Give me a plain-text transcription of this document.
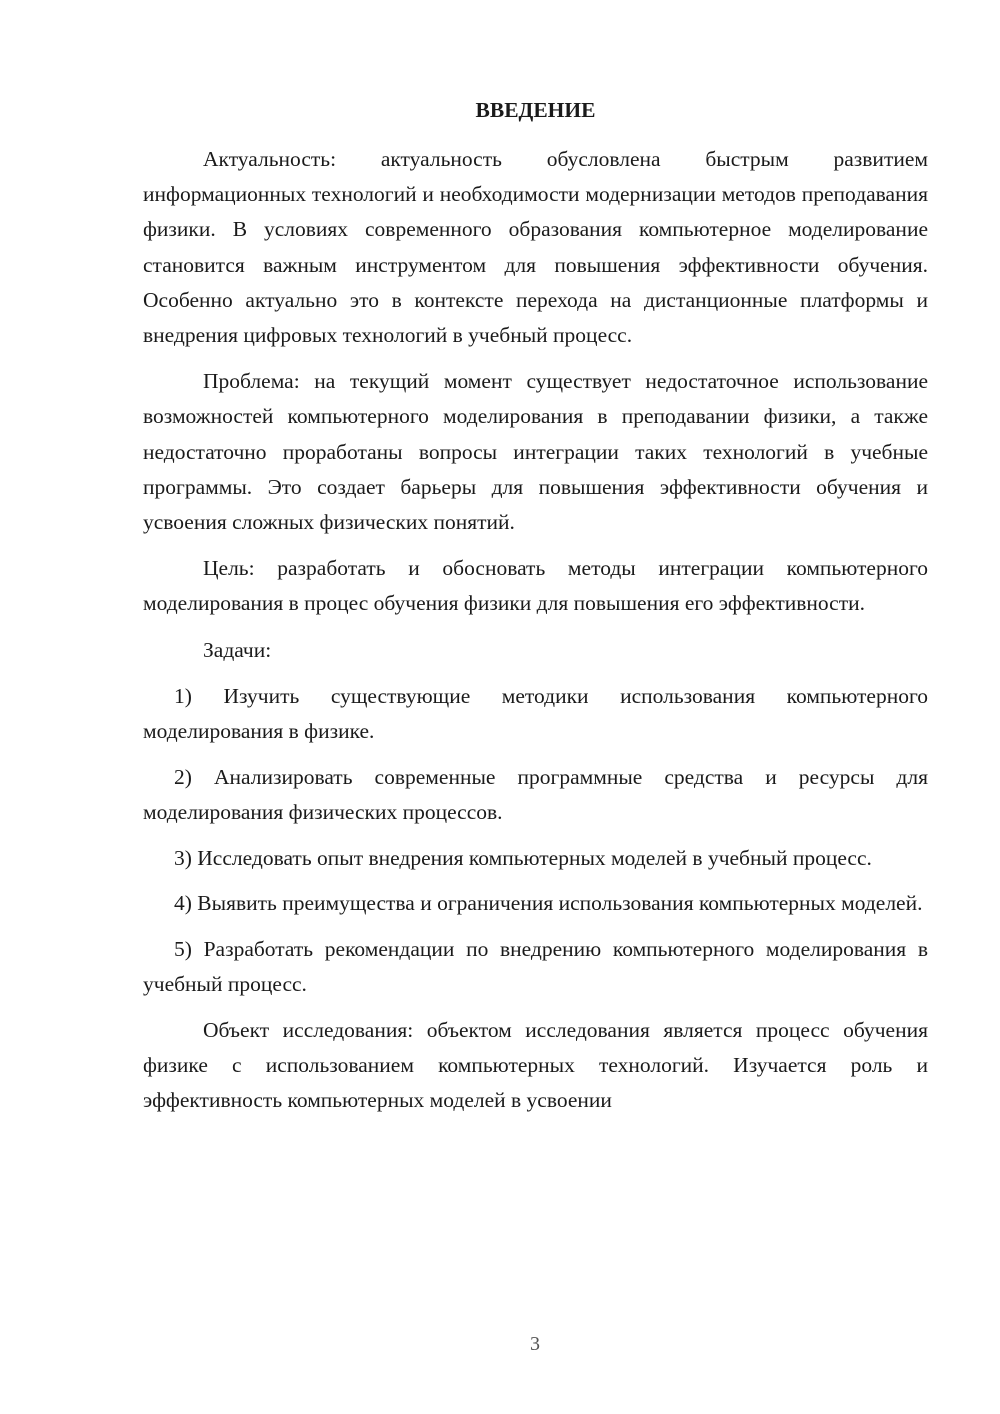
ВВЕДЕНИЕ

Актуальность: актуальность обусловлена быстрым развитием информационных технологий и необходимости модернизации методов преподавания физики. В условиях современного образования компьютерное моделирование становится важным инструментом для повышения эффективности обучения. Особенно актуально это в контексте перехода на дистанционные платформы и внедрения цифровых технологий в учебный процесс.

Проблема: на текущий момент существует недостаточное использование возможностей компьютерного моделирования в преподавании физики, а также недостаточно проработаны вопросы интеграции таких технологий в учебные программы. Это создает барьеры для повышения эффективности обучения и усвоения сложных физических понятий.

Цель: разработать и обосновать методы интеграции компьютерного моделирования в процес обучения физики для повышения его эффективности.

Задачи:

1) Изучить существующие методики использования компьютерного моделирования в физике.

2) Анализировать современные программные средства и ресурсы для моделирования физических процессов.

3) Исследовать опыт внедрения компьютерных моделей в учебный процесс.

4) Выявить преимущества и ограничения использования компьютерных моделей.

5) Разработать рекомендации по внедрению компьютерного моделирования в учебный процесс.

Объект исследования: объектом исследования является процесс обучения физике с использованием компьютерных технологий. Изучается роль и эффективность компьютерных моделей в усвоении

3
